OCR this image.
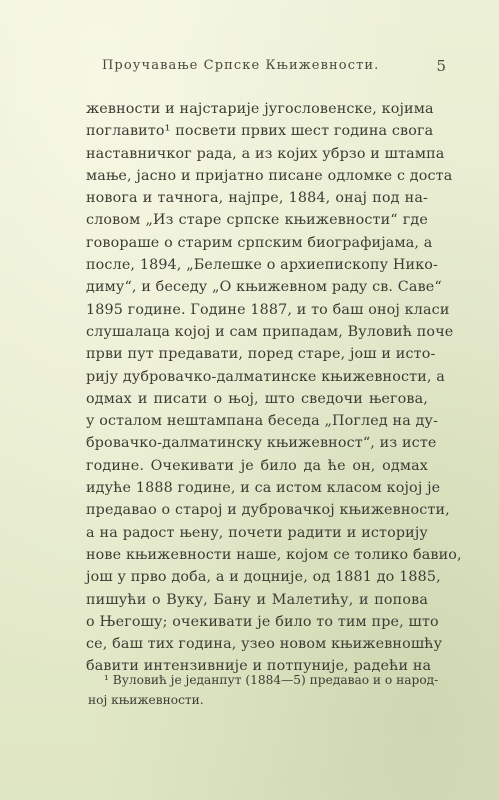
Проучавање Српске Књижевности.	5
жевности и најстарије југословенске, којима
поглавито¹ посвети првих шест година свога
наставничког рада, а из којих убрзо и штампа
мање, јасно и пријатно писане одломке с доста
новога и тачнога, најпре, 1884, онај под на-
словом „Из старе српске књижевности“ где
говораше о старим српским биографијама, а
после, 1894, „Белешке о архиепископу Нико-
диму“, и беседу „О књижевном раду св. Саве“
1895 године. Године 1887, и то баш оној класи
слушалаца којој и сам припадам, Вуловић поче
први пут предавати, поред старе, још и исто-
рију дубровачко-далматинске књижевности, а
одмах и писати о њој, што сведочи његова,
у осталом нештампана беседа „Поглед на ду-
бровачко-далматинску књижевност“, из исте
године. Очекивати је било да ће он, одмах
идуће 1888 године, и са истом класом којој је
предавао о старој и дубровачкој књижевности,
а на радост њену, почети радити и историју
нове књижевности наше, којом се толико бавио,
још у прво доба, а и доцније, од 1881 до 1885,
пишући о Вуку, Бану и Малетићу, и попова
о Његошу; очекивати је било то тим пре, што
се, баш тих година, узео новом књижевношћу
бавити интензивније и потпуније, радећи на
¹ Вуловић је једанпут (1884—5) предавао и о народ-
ној књижевности.
